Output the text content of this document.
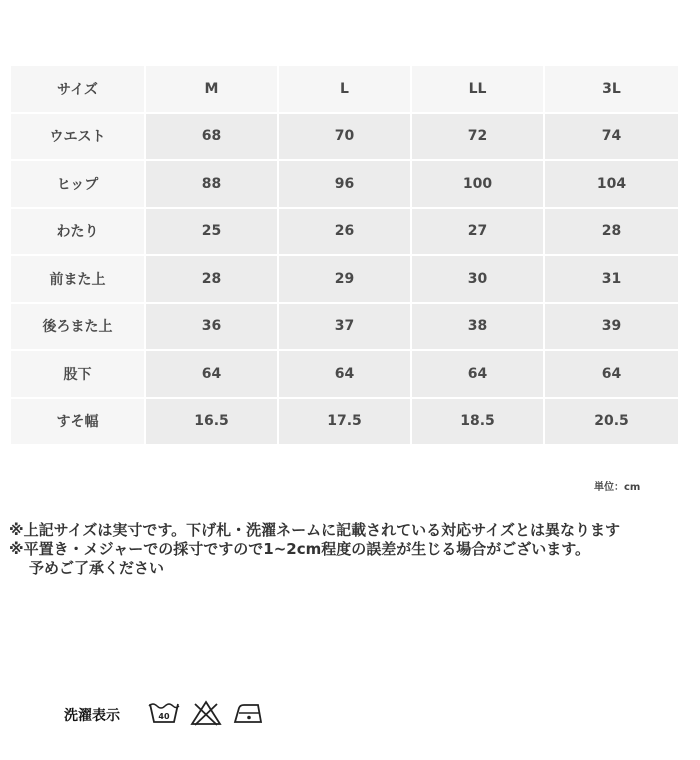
サイズ	M	L	LL	3L
ウエスト	68	70	72	74
ヒップ	88	96	100	104
わたり	25	26	27	28
前また上	28	29	30	31
後ろまた上	36	37	38	39
股下	64	64	64	64
すそ幅	16.5	17.5	18.5	20.5
単位：cm

※上記サイズは実寸です。下げ札・洗濯ネームに記載されている対応サイズとは異なります

※平置き・メジャーでの採寸ですので1~2cm程度の誤差が生じる場合がございます。

予めご了承ください

洗濯表示	40
